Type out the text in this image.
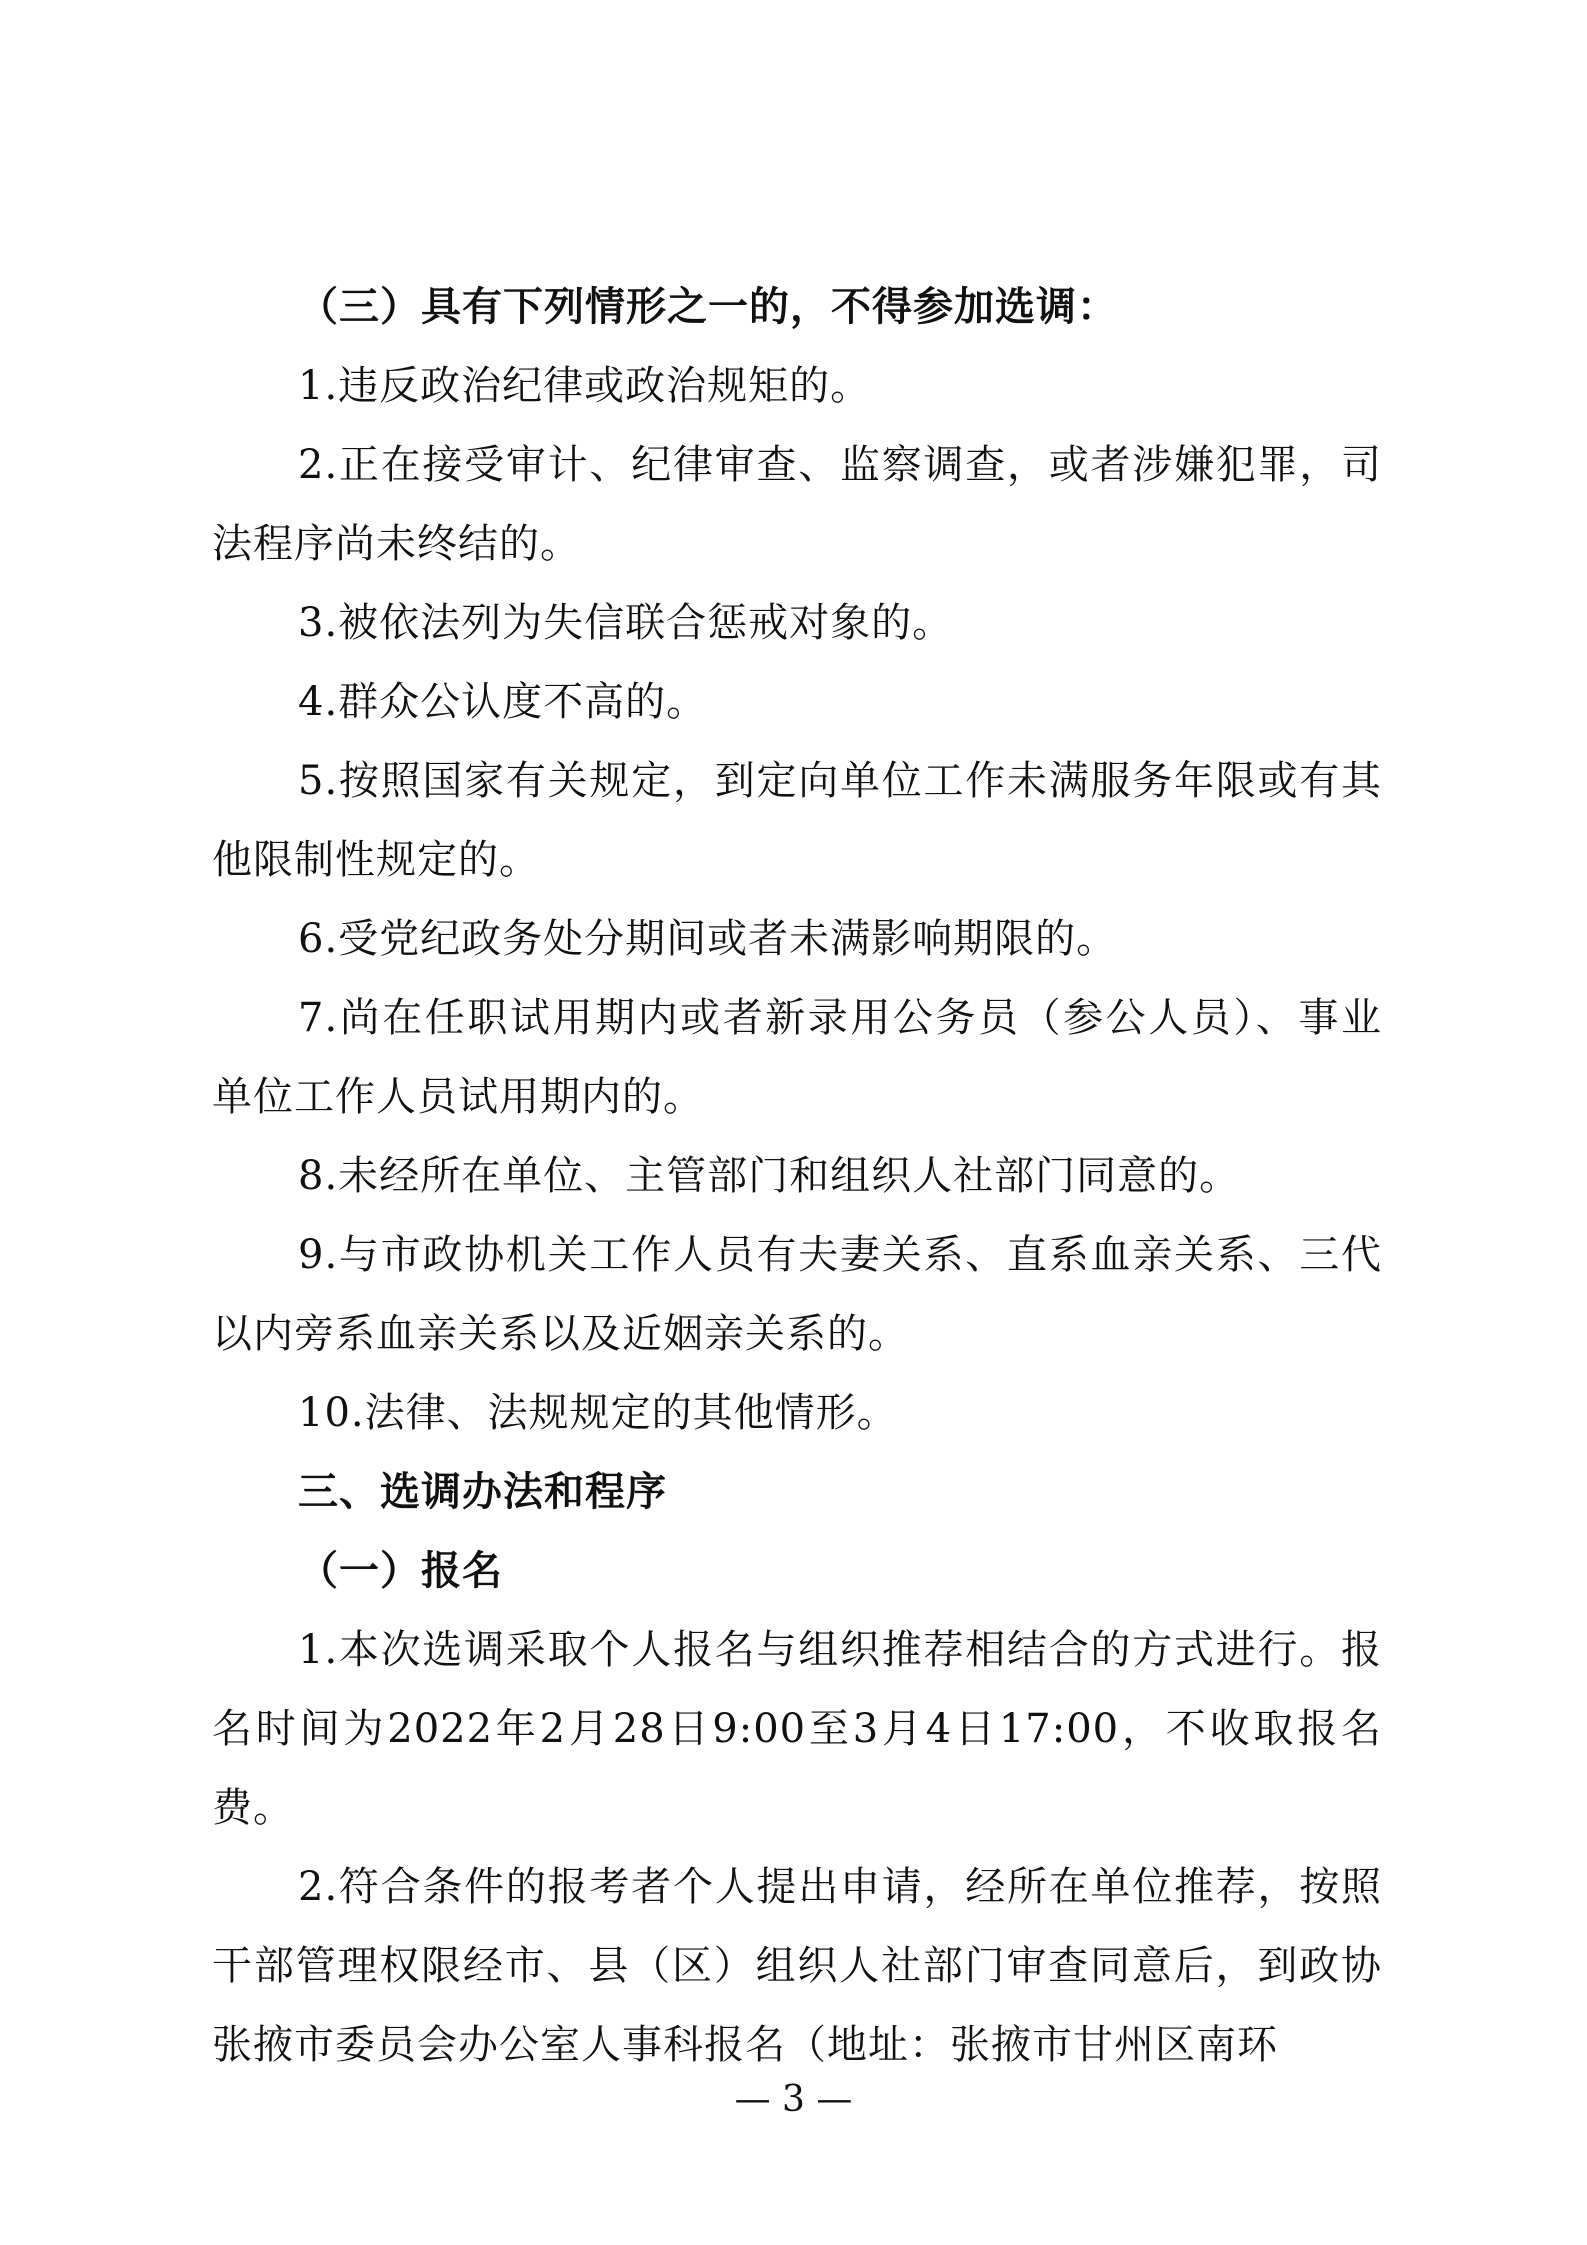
（三）具有下列情形之一的，不得参加选调：

1.违反政治纪律或政治规矩的。

2.正在接受审计、纪律审查、监察调查，或者涉嫌犯罪，司法程序尚未终结的。

3.被依法列为失信联合惩戒对象的。

4.群众公认度不高的。

5.按照国家有关规定，到定向单位工作未满服务年限或有其他限制性规定的。

6.受党纪政务处分期间或者未满影响期限的。

7.尚在任职试用期内或者新录用公务员（参公人员）、事业单位工作人员试用期内的。

8.未经所在单位、主管部门和组织人社部门同意的。

9.与市政协机关工作人员有夫妻关系、直系血亲关系、三代以内旁系血亲关系以及近姻亲关系的。

10.法律、法规规定的其他情形。

三、选调办法和程序

（一）报名

1.本次选调采取个人报名与组织推荐相结合的方式进行。报名时间为2022年2月28日9:00至3月4日17:00，不收取报名费。

2.符合条件的报考者个人提出申请，经所在单位推荐，按照干部管理权限经市、县（区）组织人社部门审查同意后，到政协张掖市委员会办公室人事科报名（地址：张掖市甘州区南环

— 3 —
